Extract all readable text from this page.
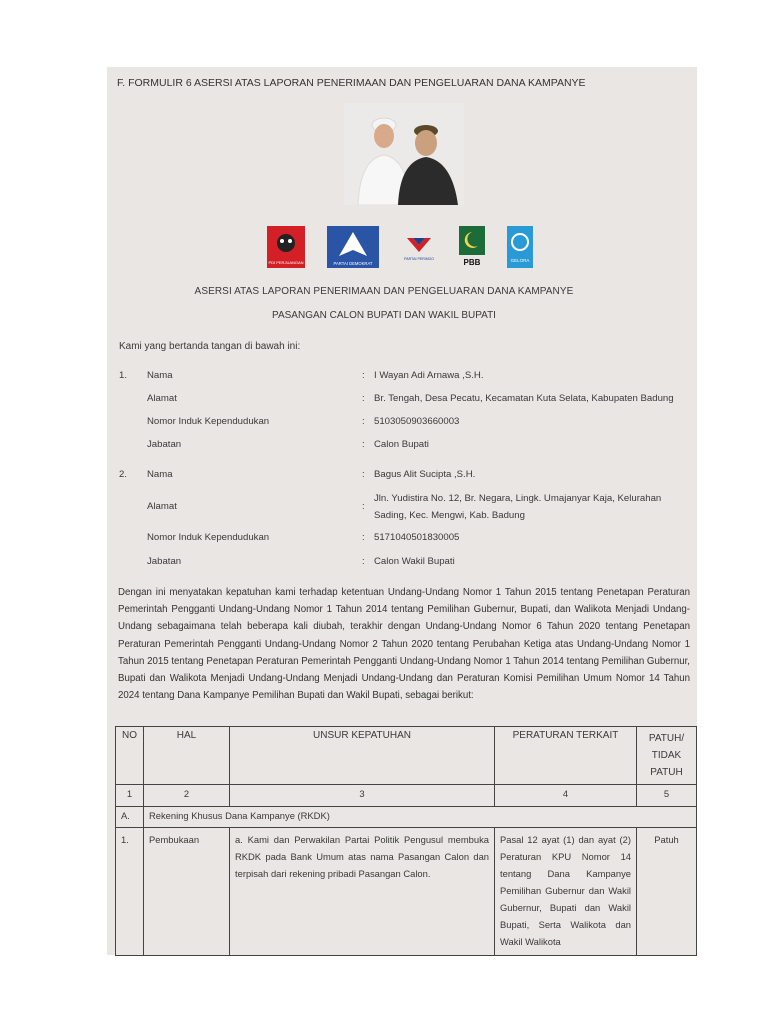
F. FORMULIR 6 ASERSI ATAS LAPORAN PENERIMAAN DAN PENGELUARAN DANA KAMPANYE
PDI PERJUANGAN	PARTAI DEMOKRAT
PARTAI PERINDO	PBB	GELORA
ASERSI ATAS LAPORAN PENERIMAAN DAN PENGELUARAN DANA KAMPANYE
PASANGAN CALON BUPATI DAN WAKIL BUPATI
Kami yang bertanda tangan di bawah ini:
1. Nama	: I Wayan Adi Arnawa ,S.H.
Alamat	: Br. Tengah, Desa Pecatu, Kecamatan Kuta Selata, Kabupaten Badung
Nomor Induk Kependudukan	: 5103050903660003
Jabatan	: Calon Bupati
2. Nama	: Bagus Alit Sucipta ,S.H.
Alamat	:
Jln. Yudistira No. 12, Br. Negara, Lingk. Umajanyar Kaja, Kelurahan Sading, Kec. Mengwi, Kab. Badung
Nomor Induk Kependudukan	: 5171040501830005
Jabatan	: Calon Wakil Bupati
Dengan ini menyatakan kepatuhan kami terhadap ketentuan Undang-Undang Nomor 1 Tahun 2015 tentang Penetapan Peraturan Pemerintah Pengganti Undang-Undang Nomor 1 Tahun 2014 tentang Pemilihan Gubernur, Bupati, dan Walikota Menjadi Undang-Undang sebagaimana telah beberapa kali diubah, terakhir dengan Undang-Undang Nomor 6 Tahun 2020 tentang Penetapan Peraturan Pemerintah Pengganti Undang-Undang Nomor 2 Tahun 2020 tentang Perubahan Ketiga atas Undang-Undang Nomor 1 Tahun 2015 tentang Penetapan Peraturan Pemerintah Pengganti Undang-Undang Nomor 1 Tahun 2014 tentang Pemilihan Gubernur, Bupati dan Walikota Menjadi Undang-Undang Menjadi Undang-Undang dan Peraturan Komisi Pemilihan Umum Nomor 14 Tahun 2024 tentang Dana Kampanye Pemilihan Bupati dan Wakil Bupati, sebagai berikut:
NO	HAL	UNSUR KEPATUHAN	PERATURAN TERKAIT	PATUH/ TIDAK PATUH
1	2	3	4	5
A.	Rekening Khusus Dana Kampanye (RKDK)			
1.	Pembukaan	a. Kami dan Perwakilan Partai Politik Pengusul membuka RKDK pada Bank Umum atas nama Pasangan Calon dan terpisah dari rekening pribadi Pasangan Calon.	Pasal 12 ayat (1) dan ayat (2) Peraturan KPU Nomor 14 tentang Dana Kampanye Pemilihan Gubernur dan Wakil Gubernur, Bupati dan Wakil Bupati, Serta Walikota dan Wakil Walikota	Patuh
